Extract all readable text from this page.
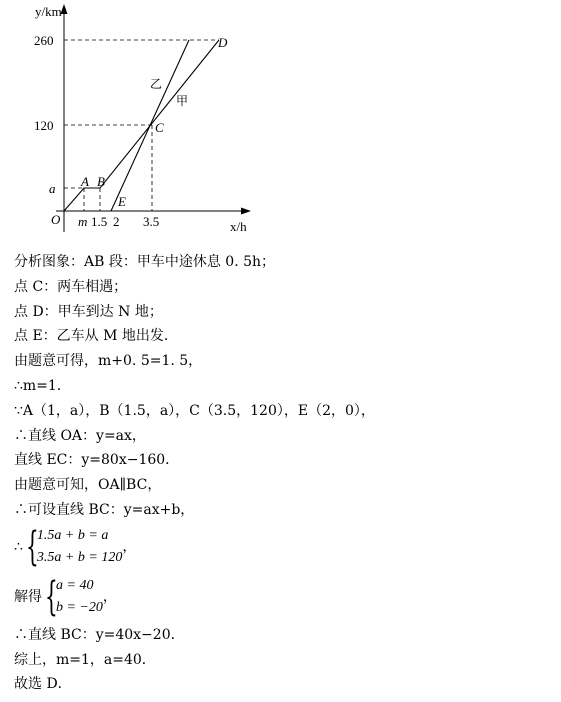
y/km
x/h
O
260
120
a
m 1.5 2 3.5
A B
C
D
E
乙
甲
分析图象：AB 段：甲车中途休息 0. 5h；
点 C：两车相遇；
点 D：甲车到达 N 地；
点 E：乙车从 M 地出发．
由题意可得，m+0. 5=1. 5，
∴m=1．
∵A（1，a），B（1.5，a），C（3.5，120），E（2，0），
∴直线 OA：y=ax，
直线 EC：y=80x−160．
由题意可知，OA∥BC，
∴可设直线 BC：y=ax+b，
∴{
1.5a + b = a
3.5a + b = 120
，
解得{
a = 40
b = −20
，
∴直线 BC：y=40x−20．
综上，m=1，a=40．
故选 D．
